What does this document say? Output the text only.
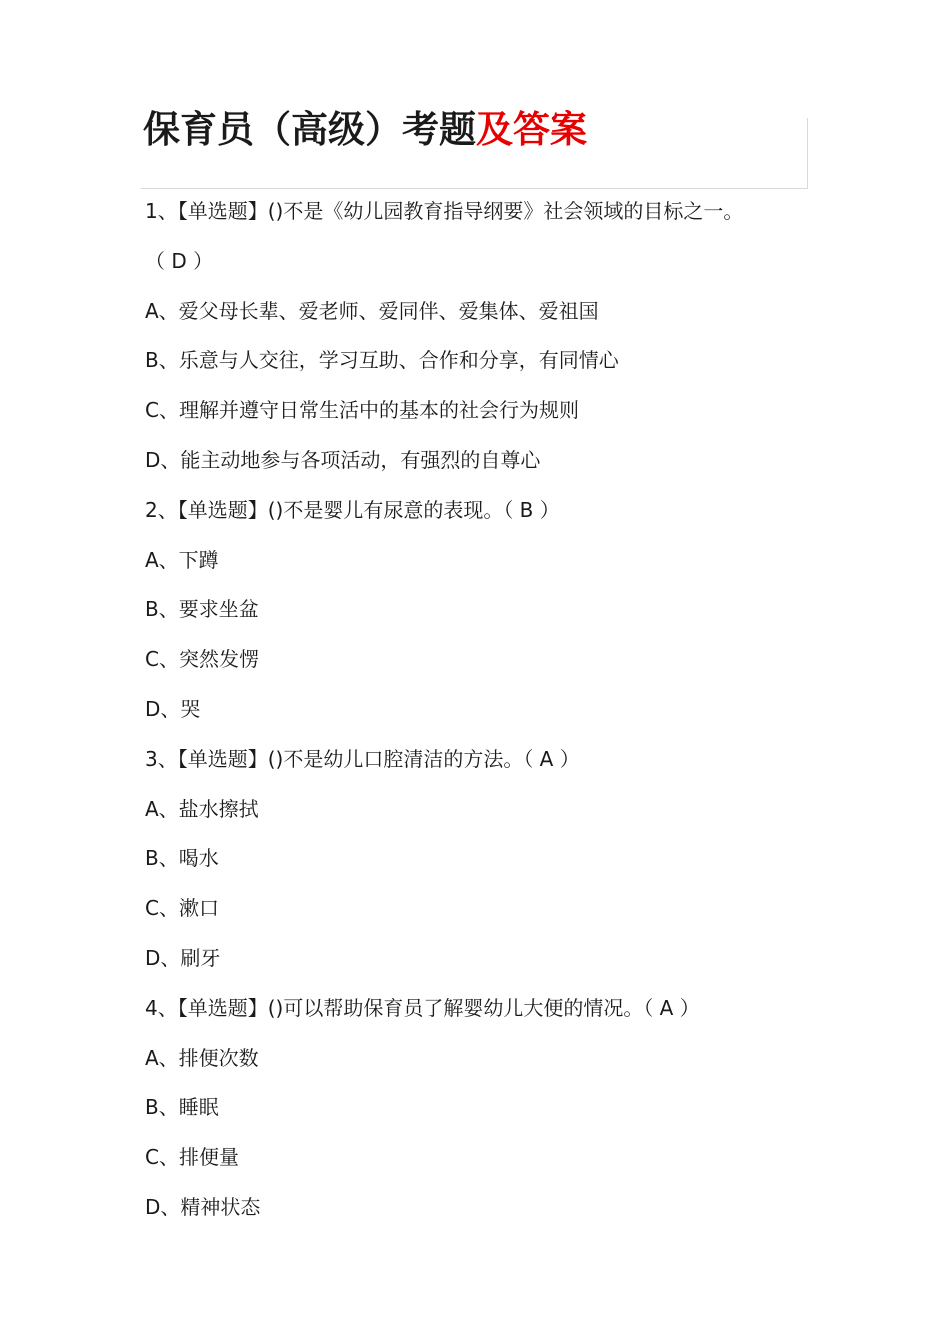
保育员（高级）考题及答案
1、【单选题】()不是《幼儿园教育指导纲要》社会领域的目标之一。
（ D ）
A、爱父母长辈、爱老师、爱同伴、爱集体、爱祖国
B、乐意与人交往，学习互助、合作和分享，有同情心
C、理解并遵守日常生活中的基本的社会行为规则
D、能主动地参与各项活动，有强烈的自尊心
2、【单选题】()不是婴儿有尿意的表现。（ B ）
A、下蹲
B、要求坐盆
C、突然发愣
D、哭
3、【单选题】()不是幼儿口腔清洁的方法。（ A ）
A、盐水擦拭
B、喝水
C、漱口
D、刷牙
4、【单选题】()可以帮助保育员了解婴幼儿大便的情况。（ A ）
A、排便次数
B、睡眠
C、排便量
D、精神状态
